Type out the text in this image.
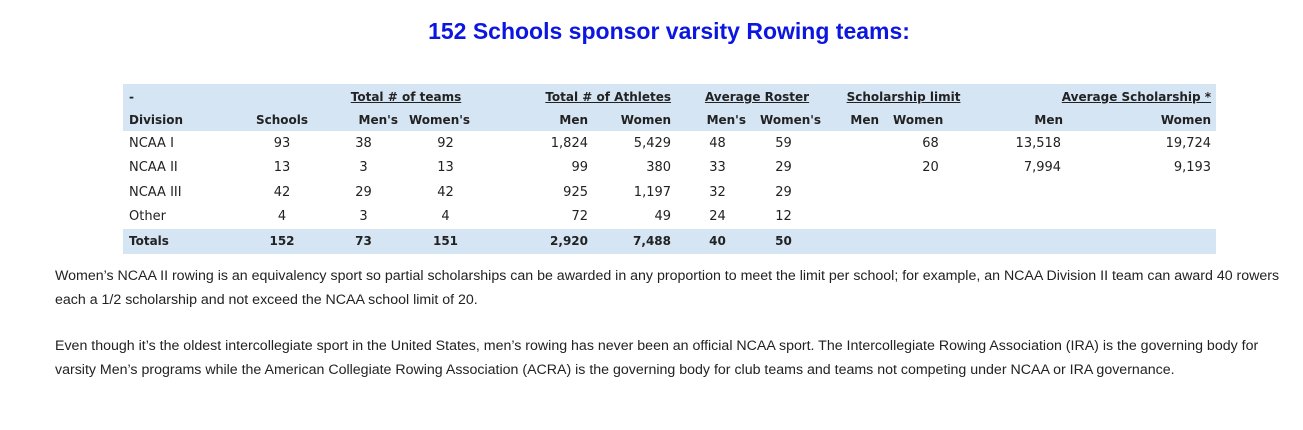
152 Schools sponsor varsity Rowing teams:
-		Total # of teams		Total # of Athletes		Average Roster		Scholarship limit		Average Scholarship *	
Division	Schools	Men's	Women's	Men	Women	Men's	Women's	Men	Women	Men	Women
NCAA I	93	38	92	1,824	5,429	48	59		68	13,518	19,724
NCAA II	13	3	13	99	380	33	29		20	7,994	9,193
NCAA III	42	29	42	925	1,197	32	29				
Other	4	3	4	72	49	24	12				
Totals	152	73	151	2,920	7,488	40	50				

Women’s NCAA II rowing is an equivalency sport so partial scholarships can be awarded in any proportion to meet the limit per school; for example, an NCAA Division II team can award 40 rowers each a 1/2 scholarship and not exceed the NCAA school limit of 20.

Even though it’s the oldest intercollegiate sport in the United States, men’s rowing has never been an official NCAA sport. The Intercollegiate Rowing Association (IRA) is the governing body for varsity Men’s programs while the American Collegiate Rowing Association (ACRA) is the governing body for club teams and teams not competing under NCAA or IRA governance.
